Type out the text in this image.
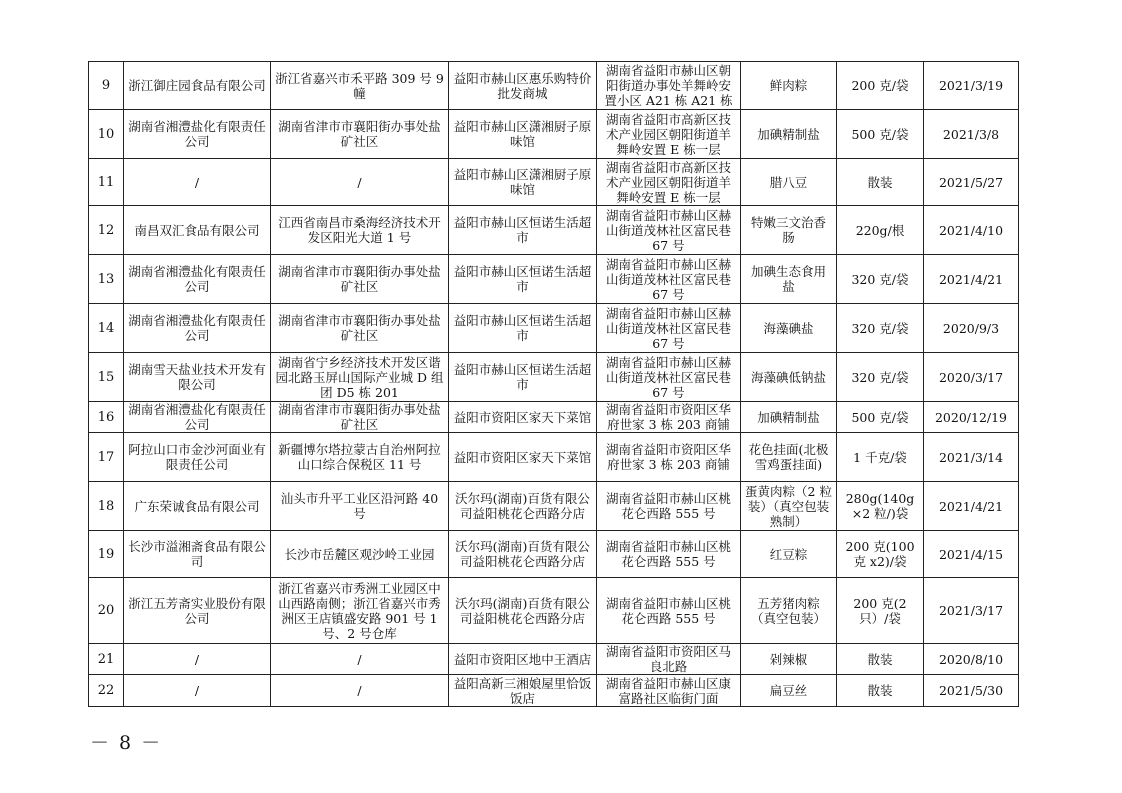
9	浙江御庄园食品有限公司	浙江省嘉兴市禾平路 309 号 9 幢	益阳市赫山区惠乐购特价批发商城	湖南省益阳市赫山区朝阳街道办事处羊舞岭安置小区 A21 栋 A21 栋	鲜肉粽	200 克/袋	2021/3/19
10	湖南省湘澧盐化有限责任公司	湖南省津市市襄阳街办事处盐矿社区	益阳市赫山区潇湘厨子原味馆	湖南省益阳市高新区技术产业园区朝阳街道羊舞岭安置 E 栋一层	加碘精制盐	500 克/袋	2021/3/8
11	/	/	益阳市赫山区潇湘厨子原味馆	湖南省益阳市高新区技术产业园区朝阳街道羊舞岭安置 E 栋一层	腊八豆	散装	2021/5/27
12	南昌双汇食品有限公司	江西省南昌市桑海经济技术开发区阳光大道 1 号	益阳市赫山区恒诺生活超市	湖南省益阳市赫山区赫山街道茂林社区富民巷 67 号	特嫩三文治香肠	220g/根	2021/4/10
13	湖南省湘澧盐化有限责任公司	湖南省津市市襄阳街办事处盐矿社区	益阳市赫山区恒诺生活超市	湖南省益阳市赫山区赫山街道茂林社区富民巷 67 号	加碘生态食用盐	320 克/袋	2021/4/21
14	湖南省湘澧盐化有限责任公司	湖南省津市市襄阳街办事处盐矿社区	益阳市赫山区恒诺生活超市	湖南省益阳市赫山区赫山街道茂林社区富民巷 67 号	海藻碘盐	320 克/袋	2020/9/3
15	湖南雪天盐业技术开发有限公司	湖南省宁乡经济技术开发区谐园北路玉屏山国际产业城 D 组团 D5 栋 201	益阳市赫山区恒诺生活超市	湖南省益阳市赫山区赫山街道茂林社区富民巷 67 号	海藻碘低钠盐	320 克/袋	2020/3/17
16	湖南省湘澧盐化有限责任公司	湖南省津市市襄阳街办事处盐矿社区	益阳市资阳区家天下菜馆	湖南省益阳市资阳区华府世家 3 栋 203 商铺	加碘精制盐	500 克/袋	2020/12/19
17	阿拉山口市金沙河面业有限责任公司	新疆博尔塔拉蒙古自治州阿拉山口综合保税区 11 号	益阳市资阳区家天下菜馆	湖南省益阳市资阳区华府世家 3 栋 203 商铺	花色挂面(北极雪鸡蛋挂面)	1 千克/袋	2021/3/14
18	广东荣诚食品有限公司	汕头市升平工业区沿河路 40 号	沃尔玛(湖南)百货有限公司益阳桃花仑西路分店	湖南省益阳市赫山区桃花仑西路 555 号	蛋黄肉粽（2 粒装）（真空包装熟制）	280g(140g ×2 粒/)袋	2021/4/21
19	长沙市溢湘斋食品有限公司	长沙市岳麓区观沙岭工业园	沃尔玛(湖南)百货有限公司益阳桃花仑西路分店	湖南省益阳市赫山区桃花仑西路 555 号	红豆粽	200 克(100 克 x2)/袋	2021/4/15
20	浙江五芳斋实业股份有限公司	浙江省嘉兴市秀洲工业园区中山西路南侧；浙江省嘉兴市秀洲区王店镇盛安路 901 号 1 号、2 号仓库	沃尔玛(湖南)百货有限公司益阳桃花仑西路分店	湖南省益阳市赫山区桃花仑西路 555 号	五芳猪肉粽（真空包装）	200 克(2 只）/袋	2021/3/17
21	/	/	益阳市资阳区地中王酒店	湖南省益阳市资阳区马良北路	剁辣椒	散装	2020/8/10
22	/	/	益阳高新三湘娘屋里恰饭饭店	湖南省益阳市赫山区康富路社区临街门面	扁豆丝	散装	2021/5/30
－ 8 －
